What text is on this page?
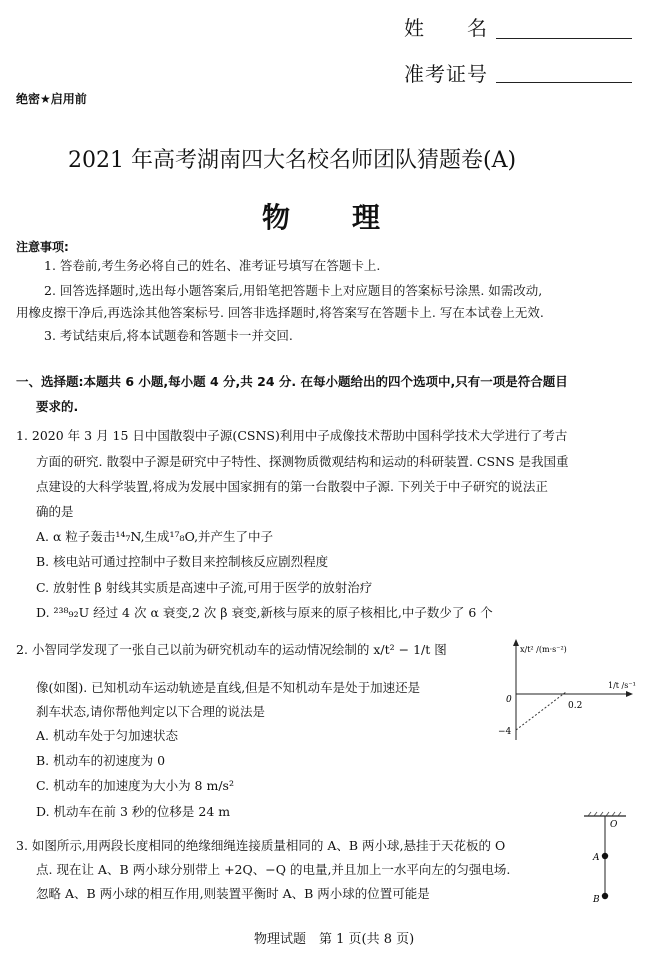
姓　　名
准考证号
绝密★启用前
2021 年高考湖南四大名校名师团队猜题卷(A)
物　　理
注意事项:
1. 答卷前,考生务必将自己的姓名、准考证号填写在答题卡上.
2. 回答选择题时,选出每小题答案后,用铅笔把答题卡上对应题目的答案标号涂黑. 如需改动,
用橡皮擦干净后,再选涂其他答案标号. 回答非选择题时,将答案写在答题卡上. 写在本试卷上无效.
3. 考试结束后,将本试题卷和答题卡一并交回.
一、选择题:本题共 6 小题,每小题 4 分,共 24 分. 在每小题给出的四个选项中,只有一项是符合题目
要求的.
1. 2020 年 3 月 15 日中国散裂中子源(CSNS)利用中子成像技术帮助中国科学技术大学进行了考古
方面的研究. 散裂中子源是研究中子特性、探测物质微观结构和运动的科研装置. CSNS 是我国重
点建设的大科学装置,将成为发展中国家拥有的第一台散裂中子源. 下列关于中子研究的说法正
确的是
A. α 粒子轰击¹⁴₇N,生成¹⁷₈O,并产生了中子
B. 核电站可通过控制中子数目来控制核反应剧烈程度
C. 放射性 β 射线其实质是高速中子流,可用于医学的放射治疗
D. ²³⁸₉₂U 经过 4 次 α 衰变,2 次 β 衰变,新核与原来的原子核相比,中子数少了 6 个
2. 小智同学发现了一张自己以前为研究机动车的运动情况绘制的 x/t² − 1/t 图
像(如图). 已知机动车运动轨迹是直线,但是不知机动车是处于加速还是
刹车状态,请你帮他判定以下合理的说法是
A. 机动车处于匀加速状态
B. 机动车的初速度为 0
C. 机动车的加速度为大小为 8 m/s²
D. 机动车在前 3 秒的位移是 24 m
x/t² /(m·s⁻²)
1/t /s⁻¹
0
−4
0.2
3. 如图所示,用两段长度相同的绝缘细绳连接质量相同的 A、B 两小球,悬挂于天花板的 O
点. 现在让 A、B 两小球分别带上 +2Q、−Q 的电量,并且加上一水平向左的匀强电场.
忽略 A、B 两小球的相互作用,则装置平衡时 A、B 两小球的位置可能是
O
A
B
物理试题　第 1 页(共 8 页)
